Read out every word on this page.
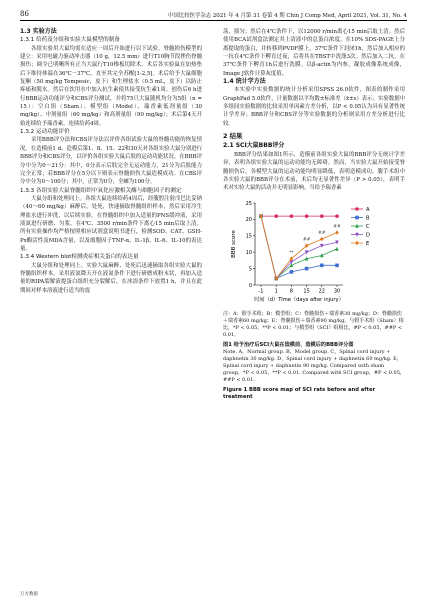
86	中国比较医学杂志 2021 年 4 月第 31 卷第 4 期 Chin J Comp Med, April 2021, Vol. 31, No. 4
1.3 实验方法
1.3.1 给药及分组和实验大鼠模型的制备

各组实验用大鼠均需在适应一周后开始进行以下试验。脊髓损伤模型的建立：采用电磁力驱动冲击器（10 g，12.5 mm）进行T10胸节段挫伤脊髓损伤；调令已明晰所有正当大鼠行T10椎板切除术。术后各实验鼠在加热垫后下维持体温在36℃－37℃，直至其完全苏醒[1-2,5]。术后给予大鼠细胞复酮（50 mg/kg Tempesic，皮下）和生理盐水（0.5 mL，皮下）以防止疼痛和脱水。然后在饮用水中加入抗生素使其接受抗生素1周。创伤后6 h进行BBB运动功能评分和CBS评分测试，并将75只大鼠随机均分为5组（n = 15）：空白组（Sham）、模型组（Model）、瑞香素低剂量组（30 mg/kg）、中剂量组（60 mg/kg）和高剂量组（90 mg/kg）；术后第4天开始连续给予瑞香素，连续给药4周。

1.3.2 运动功能评价

采用BBB评分法和CBS评分法以评价各组试验大鼠的脊髓功能的恢复情况。在造模前1 d、造模后第1、8、15、22和30天对各组实验大鼠分别进行BBB评分和CBS评分，以评价各组实验大鼠后肢的运动功能状况。在BBB评分中分为0～21分：其中，0分表示后肢完全无运动能力，21分为后肢能力完全正常；若BBB评分在5分以下则表示脊髓损伤大鼠造模成功。在CBS评分中分为0～100分；其中，正常为0分，全瘫为100分。

1.3.3 各组实验大鼠脊髓组织中氧化应激相关酶与细胞因子的测定

大鼠分组和处理同上。各组大鼠连续给药4周后，经腹腔注射戊巴比妥钠（40～60 mg/kg）麻醉后，处死，快速摘取脊髓组织样本，然后采用冷生理盐水进行冲洗，以后续实验。在脊髓组织中加入适量的PNS缓冲液，采用液氮进行研磨、匀浆，在4℃、3500 r/min条件下离心15 min后取上清。所有实验操作均严格按照相应试剂盒说明书进行，检测SOD、CAT、GSH-Px酶活性及MDA含量，以及细胞因子TNF-α、IL-1β、IL-6、IL-10的表达量。

1.3.4 Western blot检测炎症相关蛋白的表达量

大鼠分组和处理同上。实验大鼠麻醉、处死后迅速摘取各组实验大鼠的脊髓组织样本，采用液氮降天开在液氮条件下进行研磨成粉末状，再加入适量的RIPA裂解液提蛋白组织充分裂解后，在冰浴条件下放置1 h，并且在此期间对样本溶液进行适当的震

荡、摇匀；然后在4℃条件下，以12000 r/min离心15 min后取上清。然后使用BCA试剂盒法测定其上清液中的总蛋白浓度。在10% SDS-PAGE上分离提取的蛋白，并转移到PVDF膜上，37℃条件下封闭1h，然后加入相应的一抗在4℃条件下孵育过夜，后将其在TBST中洗涤3次。然后加入二抗，在37℃条件下孵育1h后进行洗膜。以β-actin为内参，凝胶成像系统成像，Image J软件计算灰度值。

1.4 统计学方法

本实验中实验数据的统计分析采用SPSS 26.0软件，图表的制作采用GraphPad 5.0软件，计量数据以平均数±标准差（x̄±s）表示；实验数据中多组间实验数据的比较采用单因素方差分析，以P < 0.05认为具有显著性统计学差异；BBB评分和CBS评分等实验数据的分析则采用方差分析进行比较。

2 结果
2.1 SCI大鼠BBB评分

BBB评分结果如图1所示，造模前各组实验大鼠的BBB评分无统计学差异，表明各组实验大鼠的运动功能均无障碍。然而，当实验大鼠开始接受脊髓损伤后，各模型大鼠的运动功能均明显降低，表明造模成功。腹手术组中各实验大鼠的BBB评分在术前，术后均无显著性差异（P > 0.05），表明手术对实验大鼠的活动并无明显影响。当给予瑞香素

0
5
10
15
20
25
-1 1 8 15 22 30
BBB score
时间（d）Time（days after injury）
**
##
##
##
A
B
C
D
E
注：A：假手术组；B：模型组；C：脊髓损伤＋瑞香素30 mg/kg；D：脊髓损伤＋瑞香素60 mg/kg；E：脊髓损伤＋瑞香素90 mg/kg。与假手术组（Sham）相比，*P < 0.05，**P < 0.01；与模型组（SCI）组相比，#P < 0.05，##P < 0.01。
图1 给予治疗后SCI大鼠在造模前、造模后的BBB评分图
Note. A，Normal group. B，Model group. C，Spinal cord injury + daphnetin 30 mg/kg. D，Spinal cord injury + daphnetin 60 mg/kg. E，Spinal cord injury + daphnetin 90 mg/kg. Compared with sham group，*P < 0.05，**P < 0.01. Compared with SCI group，#P < 0.05，##P < 0.01.
Figure 1 BBB score map of SCI rats before and after treatment
万方数据
